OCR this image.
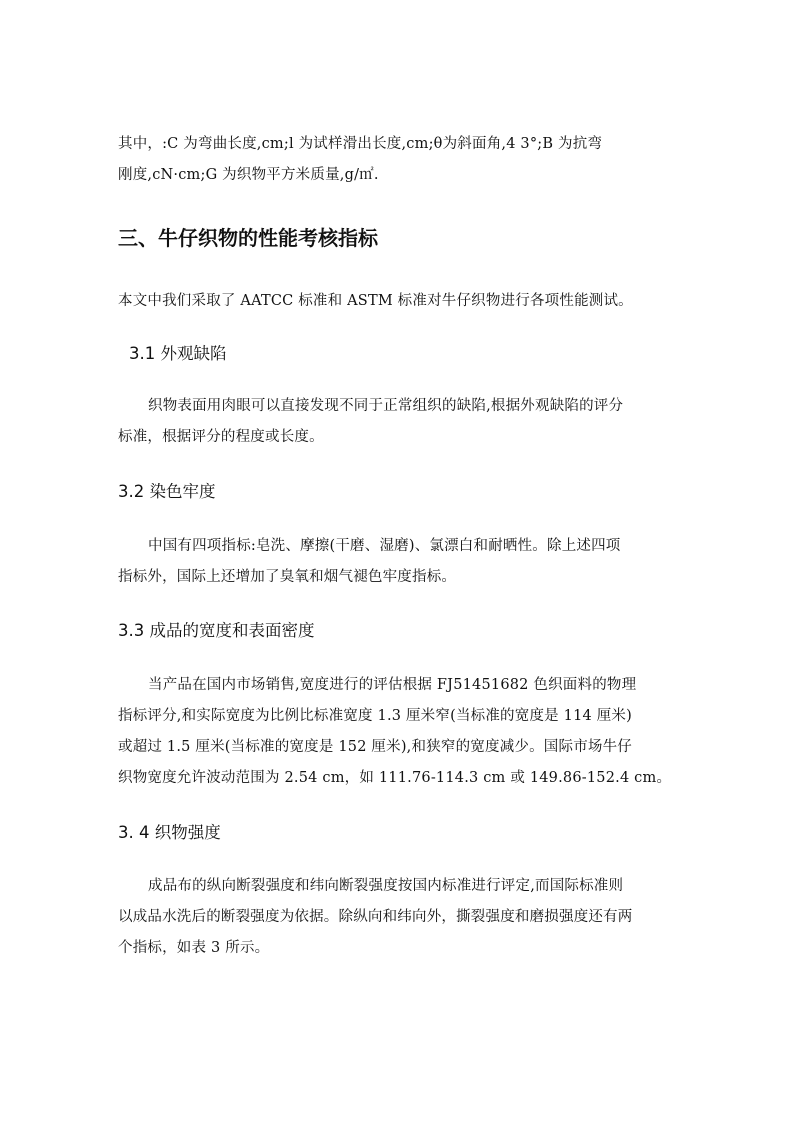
其中，:C 为弯曲长度,cm;l 为试样滑出长度,cm;θ为斜面角,4 3°;B 为抗弯
刚度,cN·cm;G 为织物平方米质量,g/㎡.
三、牛仔织物的性能考核指标
本文中我们采取了 AATCC 标准和 ASTM 标准对牛仔织物进行各项性能测试。
3.1 外观缺陷
织物表面用肉眼可以直接发现不同于正常组织的缺陷,根据外观缺陷的评分
标准，根据评分的程度或长度。
3.2 染色牢度
中国有四项指标:皂洗、摩擦(干磨、湿磨)、氯漂白和耐晒性。除上述四项
指标外，国际上还增加了臭氧和烟气褪色牢度指标。
3.3 成品的宽度和表面密度
当产品在国内市场销售,宽度进行的评估根据 FJ51451682 色织面料的物理
指标评分,和实际宽度为比例比标准宽度 1.3 厘米窄(当标准的宽度是 114 厘米)
或超过 1.5 厘米(当标准的宽度是 152 厘米),和狭窄的宽度减少。国际市场牛仔
织物宽度允许波动范围为 2.54 cm，如 111.76-114.3 cm 或 149.86-152.4 cm。
3. 4 织物强度
成品布的纵向断裂强度和纬向断裂强度按国内标准进行评定,而国际标准则
以成品水洗后的断裂强度为依据。除纵向和纬向外，撕裂强度和磨损强度还有两
个指标，如表 3 所示。
